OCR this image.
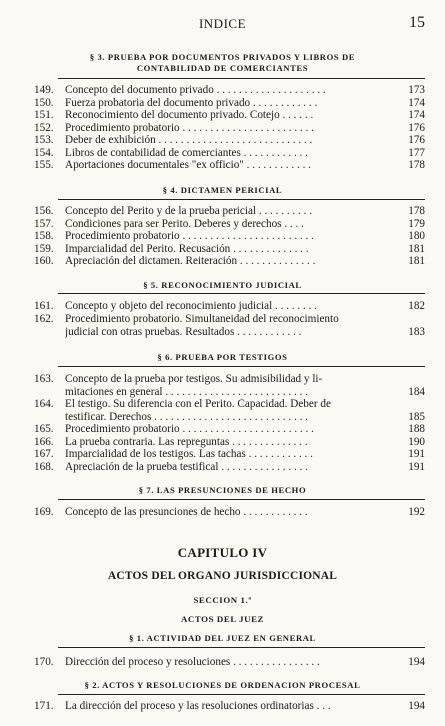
INDICE	15
§ 3. PRUEBA POR DOCUMENTOS PRIVADOS Y LIBROS DE
CONTABILIDAD DE COMERCIANTES
149.	Concepto del documento privado . . . . . . . . . . . . . . . . . . . .	173
150.	Fuerza probatoria del documento privado . . . . . . . . . . . .	174
151.	Reconocimiento del documento privado. Cotejo . . . . . .	174
152.	Procedimiento probatorio . . . . . . . . . . . . . . . . . . . . . . . .	176
153.	Deber de exhibición . . . . . . . . . . . . . . . . . . . . . . . . . . . .	176
154.	Libros de contabilidad de comerciantes . . . . . . . . . . . .	177
155.	Aportaciones documentales "ex officio" . . . . . . . . . . . .	178
§ 4. DICTAMEN PERICIAL
156.	Concepto del Perito y de la prueba pericial . . . . . . . . . .	178
157.	Condiciones para ser Perito. Deberes y derechos . . . .	179
158.	Procedimiento probatorio . . . . . . . . . . . . . . . . . . . . . . . .	180
159.	Imparcialidad del Perito. Recusación . . . . . . . . . . . . . .	181
160.	Apreciación del dictamen. Reiteración . . . . . . . . . . . . . .	181
§ 5. RECONOCIMIENTO JUDICIAL
161.	Concepto y objeto del reconocimiento judicial . . . . . . . .	182
162.	Procedimiento probatorio. Simultaneidad del reconocimiento
judicial con otras pruebas. Resultados . . . . . . . . . . . .	183
§ 6. PRUEBA POR TESTIGOS
163.	Concepto de la prueba por testigos. Su admisibilidad y li-
mitaciones en general . . . . . . . . . . . . . . . . . . . . . . . . . .	184
164.	El testigo. Su diferencia con el Perito. Capacidad. Deber de
testificar. Derechos . . . . . . . . . . . . . . . . . . . . . . . . . . . .	185
165.	Procedimiento probatorio . . . . . . . . . . . . . . . . . . . . . . . .	188
166.	La prueba contraria. Las repreguntas . . . . . . . . . . . . . .	190
167.	Imparcialidad de los testigos. Las tachas . . . . . . . . . . . .	191
168.	Apreciación de la prueba testifical . . . . . . . . . . . . . . . .	191
§ 7. LAS PRESUNCIONES DE HECHO
169.	Concepto de las presunciones de hecho . . . . . . . . . . . .	192
CAPITULO IV
ACTOS DEL ORGANO JURISDICCIONAL
SECCION 1.ª
ACTOS DEL JUEZ
§ 1. ACTIVIDAD DEL JUEZ EN GENERAL
170.	Dirección del proceso y resoluciones . . . . . . . . . . . . . . . .	194
§ 2. ACTOS Y RESOLUCIONES DE ORDENACION PROCESAL
171.	La dirección del proceso y las resoluciones ordinatorias . . .	194
